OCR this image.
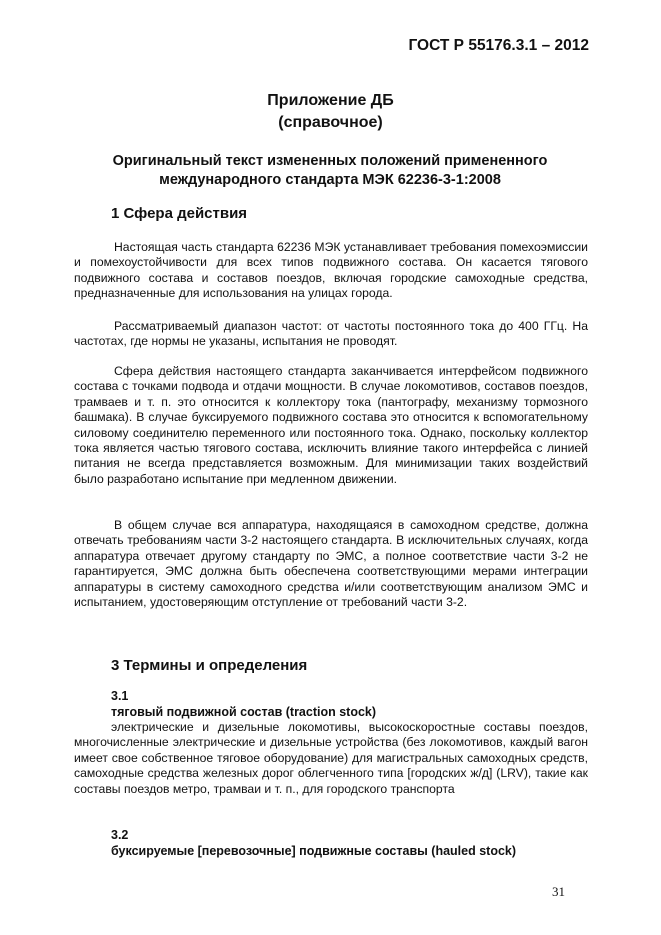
ГОСТ Р 55176.3.1 – 2012
Приложение ДБ
(справочное)
Оригинальный текст измененных положений примененного
международного стандарта МЭК 62236-3-1:2008
1 Сфера действия

Настоящая часть стандарта 62236 МЭК устанавливает требования помехоэмиссии и помехоустойчивости для всех типов подвижного состава. Он касается тягового подвижного состава и составов поездов, включая городские самоходные средства, предназначенные для использования на улицах города.

Рассматриваемый диапазон частот: от частоты постоянного тока до 400 ГГц. На частотах, где нормы не указаны, испытания не проводят.

Сфера действия настоящего стандарта заканчивается интерфейсом подвижного состава с точками подвода и отдачи мощности. В случае локомотивов, составов поездов, трамваев и т. п. это относится к коллектору тока (пантографу, механизму тормозного башмака). В случае буксируемого подвижного состава это относится к вспомогательному силовому соединителю переменного или постоянного тока. Однако, поскольку коллектор тока является частью тягового состава, исключить влияние такого интерфейса с линией питания не всегда представляется возможным. Для минимизации таких воздействий было разработано испытание при медленном движении.

В общем случае вся аппаратура, находящаяся в самоходном средстве, должна отвечать требованиям части 3-2 настоящего стандарта. В исключительных случаях, когда аппаратура отвечает другому стандарту по ЭМС, а полное соответствие части 3-2 не гарантируется, ЭМС должна быть обеспечена соответствующими мерами интеграции аппаратуры в систему самоходного средства и/или соответствующим анализом ЭМС и испытанием, удостоверяющим отступление от требований части 3-2.

3 Термины и определения
3.1
тяговый подвижной состав (traction stock)

электрические и дизельные локомотивы, высокоскоростные составы поездов, многочисленные электрические и дизельные устройства (без локомотивов, каждый вагон имеет свое собственное тяговое оборудование) для магистральных самоходных средств, самоходные средства железных дорог облегченного типа [городских ж/д] (LRV), такие как составы поездов метро, трамваи и т. п., для городского транспорта

3.2
буксируемые [перевозочные] подвижные составы (hauled stock)
31
